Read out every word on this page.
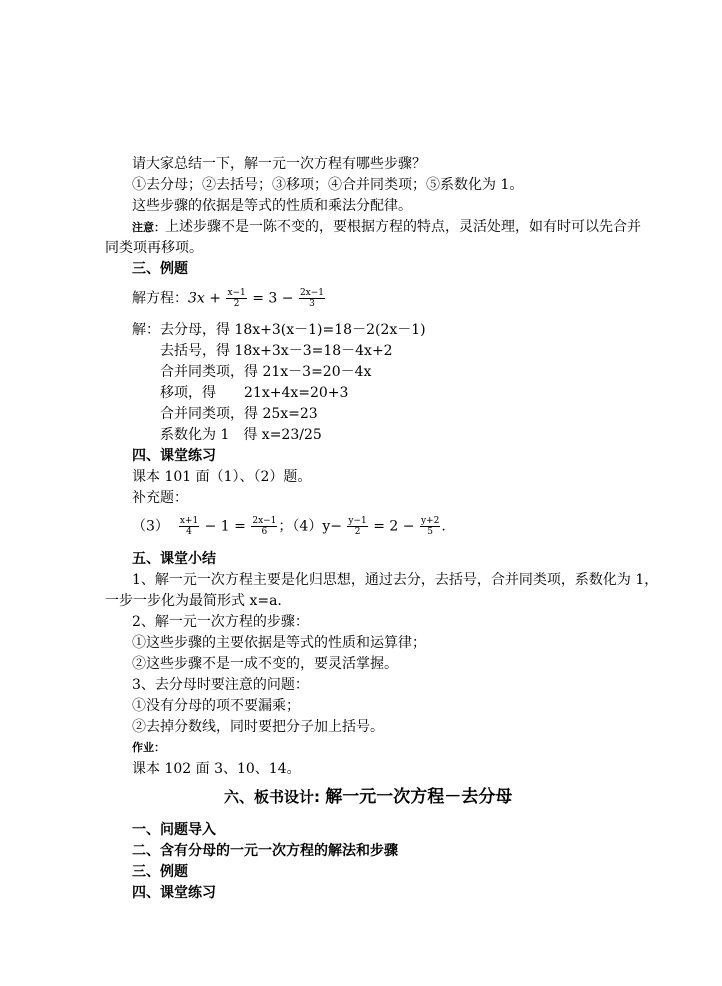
请大家总结一下，解一元一次方程有哪些步骤？
①去分母；②去括号；③移项；④合并同类项；⑤系数化为 1。
这些步骤的依据是等式的性质和乘法分配律。
注意：上述步骤不是一陈不变的，要根据方程的特点，灵活处理，如有时可以先合并
同类项再移项。
三、例题
解方程：$3x + \frac{x-1}{2} = 3 - \frac{2x-1}{3}$
解：去分母，得 18x+3(x－1)=18－2(2x－1)
去括号，得 18x+3x－3=18－4x+2
合并同类项，得 21x－3=20－4x
移项，得　　21x+4x=20+3
合并同类项，得 25x=23
系数化为 1　得 x=23/25
四、课堂练习
课本 101 面（1）、（2）题。
补充题：
$(3) \frac{x+1}{4} - 1 = \frac{2x-1}{6}$ ；$(4)y- \frac{y-1}{2} = 2 - \frac{y+2}{5}$ .
五、课堂小结
1、解一元一次方程主要是化归思想，通过去分，去括号，合并同类项，系数化为 1，
一步一步化为最简形式 x=a.
2、解一元一次方程的步骤：
①这些步骤的主要依据是等式的性质和运算律；
②这些步骤不是一成不变的，要灵活掌握。
3、去分母时要注意的问题：
①没有分母的项不要漏乘；
②去掉分数线，同时要把分子加上括号。
作业：
课本 102 面 3、10、14。
六、板书设计: 解一元一次方程－去分母
一、问题导入
二、含有分母的一元一次方程的解法和步骤
三、例题
四、课堂练习
